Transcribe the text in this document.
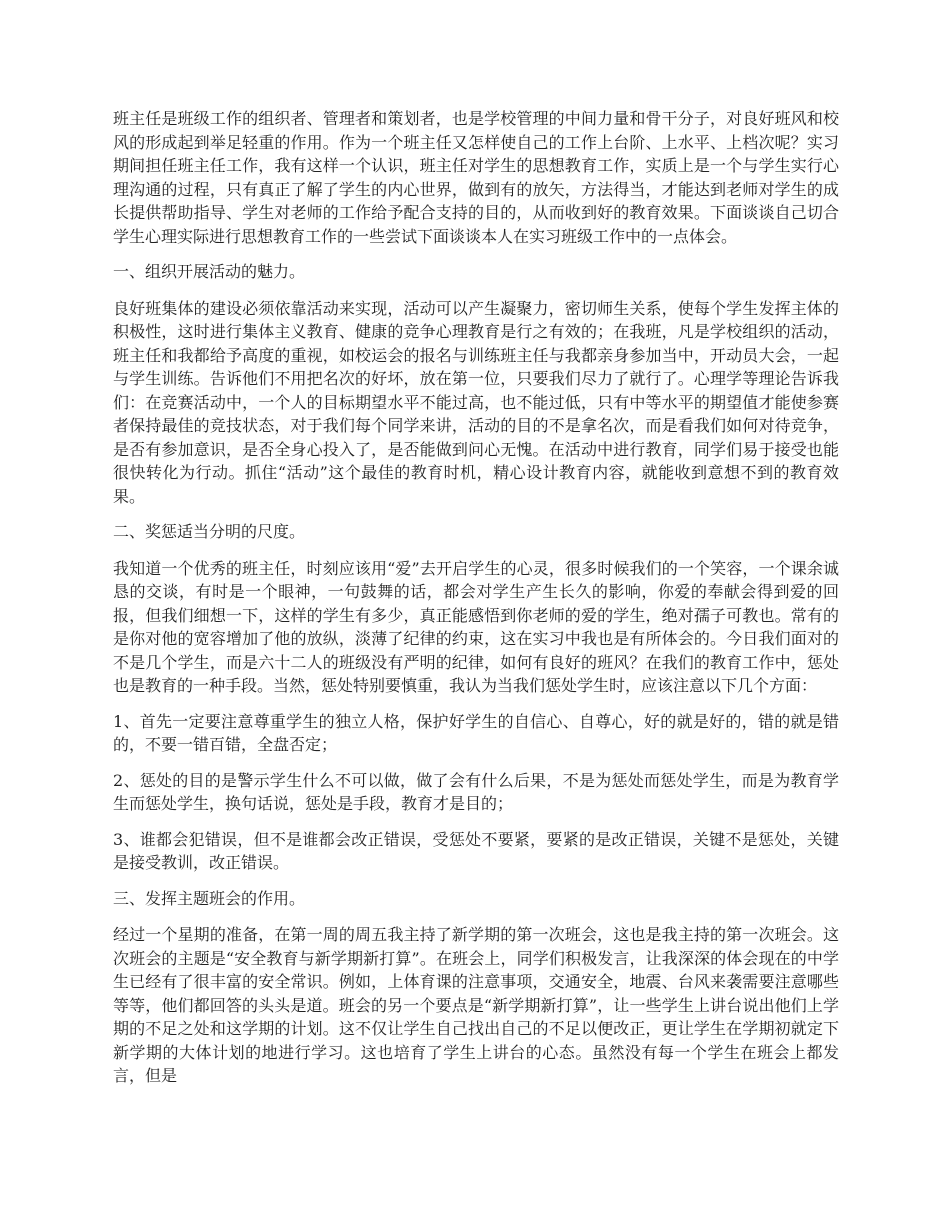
班主任是班级工作的组织者、管理者和策划者，也是学校管理的中间力量和骨干分子，对良好班风和校风的形成起到举足轻重的作用。作为一个班主任又怎样使自己的工作上台阶、上水平、上档次呢？实习期间担任班主任工作，我有这样一个认识，班主任对学生的思想教育工作，实质上是一个与学生实行心理沟通的过程，只有真正了解了学生的内心世界，做到有的放矢，方法得当，才能达到老师对学生的成长提供帮助指导、学生对老师的工作给予配合支持的目的，从而收到好的教育效果。下面谈谈自己切合学生心理实际进行思想教育工作的一些尝试下面谈谈本人在实习班级工作中的一点体会。

一、组织开展活动的魅力。

良好班集体的建设必须依靠活动来实现，活动可以产生凝聚力，密切师生关系，使每个学生发挥主体的积极性，这时进行集体主义教育、健康的竞争心理教育是行之有效的；在我班，凡是学校组织的活动，班主任和我都给予高度的重视，如校运会的报名与训练班主任与我都亲身参加当中，开动员大会，一起与学生训练。告诉他们不用把名次的好坏，放在第一位，只要我们尽力了就行了。心理学等理论告诉我们：在竞赛活动中，一个人的目标期望水平不能过高，也不能过低，只有中等水平的期望值才能使参赛者保持最佳的竞技状态，对于我们每个同学来讲，活动的目的不是拿名次，而是看我们如何对待竞争，是否有参加意识，是否全身心投入了，是否能做到问心无愧。在活动中进行教育，同学们易于接受也能很快转化为行动。抓住“活动”这个最佳的教育时机，精心设计教育内容，就能收到意想不到的教育效果。

二、奖惩适当分明的尺度。

我知道一个优秀的班主任，时刻应该用“爱”去开启学生的心灵，很多时候我们的一个笑容，一个课余诚恳的交谈，有时是一个眼神，一句鼓舞的话，都会对学生产生长久的影响，你爱的奉献会得到爱的回报，但我们细想一下，这样的学生有多少，真正能感悟到你老师的爱的学生，绝对孺子可教也。常有的是你对他的宽容增加了他的放纵，淡薄了纪律的约束，这在实习中我也是有所体会的。今日我们面对的不是几个学生，而是六十二人的班级没有严明的纪律，如何有良好的班风？在我们的教育工作中，惩处也是教育的一种手段。当然，惩处特别要慎重，我认为当我们惩处学生时，应该注意以下几个方面：

1、首先一定要注意尊重学生的独立人格，保护好学生的自信心、自尊心，好的就是好的，错的就是错的，不要一错百错，全盘否定；

2、惩处的目的是警示学生什么不可以做，做了会有什么后果，不是为惩处而惩处学生，而是为教育学生而惩处学生，换句话说，惩处是手段，教育才是目的；

3、谁都会犯错误，但不是谁都会改正错误，受惩处不要紧，要紧的是改正错误，关键不是惩处，关键是接受教训，改正错误。

三、发挥主题班会的作用。

经过一个星期的准备，在第一周的周五我主持了新学期的第一次班会，这也是我主持的第一次班会。这次班会的主题是“安全教育与新学期新打算”。在班会上，同学们积极发言，让我深深的体会现在的中学生已经有了很丰富的安全常识。例如，上体育课的注意事项，交通安全，地震、台风来袭需要注意哪些等等，他们都回答的头头是道。班会的另一个要点是“新学期新打算”，让一些学生上讲台说出他们上学期的不足之处和这学期的计划。这不仅让学生自己找出自己的不足以便改正，更让学生在学期初就定下新学期的大体计划的地进行学习。这也培育了学生上讲台的心态。虽然没有每一个学生在班会上都发言，但是
